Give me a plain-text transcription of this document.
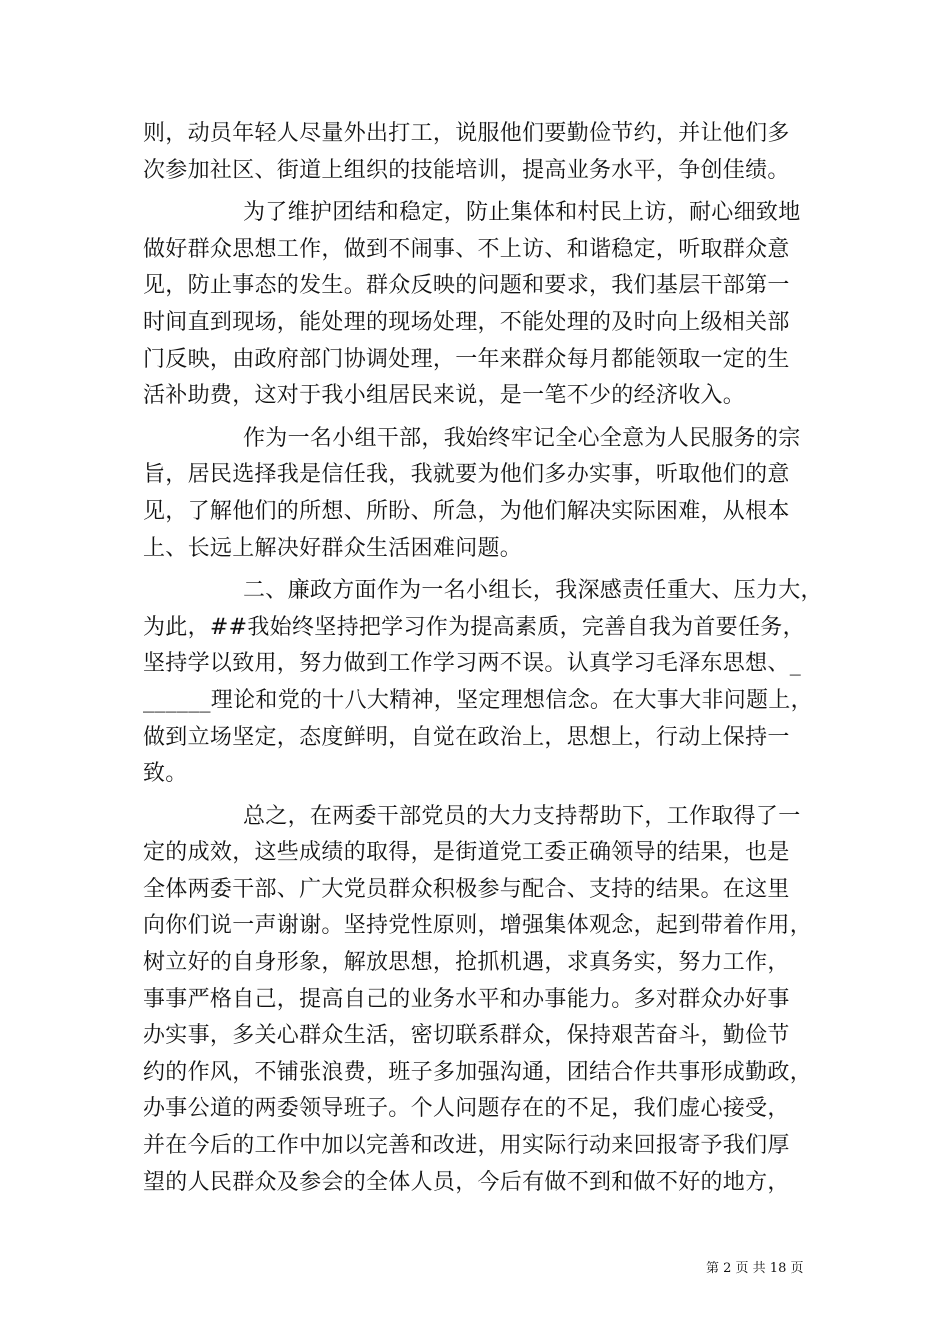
则，动员年轻人尽量外出打工，说服他们要勤俭节约，并让他们多
次参加社区、街道上组织的技能培训，提高业务水平，争创佳绩。
为了维护团结和稳定，防止集体和村民上访，耐心细致地
做好群众思想工作，做到不闹事、不上访、和谐稳定，听取群众意
见，防止事态的发生。群众反映的问题和要求，我们基层干部第一
时间直到现场，能处理的现场处理，不能处理的及时向上级相关部
门反映，由政府部门协调处理，一年来群众每月都能领取一定的生
活补助费，这对于我小组居民来说，是一笔不少的经济收入。
作为一名小组干部，我始终牢记全心全意为人民服务的宗
旨，居民选择我是信任我，我就要为他们多办实事，听取他们的意
见，了解他们的所想、所盼、所急，为他们解决实际困难，从根本
上、长远上解决好群众生活困难问题。
二、廉政方面作为一名小组长，我深感责任重大、压力大，
为此，##我始终坚持把学习作为提高素质，完善自我为首要任务，
坚持学以致用，努力做到工作学习两不误。认真学习毛泽东思想、_
______理论和党的十八大精神，坚定理想信念。在大事大非问题上，
做到立场坚定，态度鲜明，自觉在政治上，思想上，行动上保持一
致。
总之，在两委干部党员的大力支持帮助下，工作取得了一
定的成效，这些成绩的取得，是街道党工委正确领导的结果，也是
全体两委干部、广大党员群众积极参与配合、支持的结果。在这里
向你们说一声谢谢。坚持党性原则，增强集体观念，起到带着作用，
树立好的自身形象，解放思想，抢抓机遇，求真务实，努力工作，
事事严格自己，提高自己的业务水平和办事能力。多对群众办好事
办实事，多关心群众生活，密切联系群众，保持艰苦奋斗，勤俭节
约的作风，不铺张浪费，班子多加强沟通，团结合作共事形成勤政，
办事公道的两委领导班子。个人问题存在的不足，我们虚心接受，
并在今后的工作中加以完善和改进，用实际行动来回报寄予我们厚
望的人民群众及参会的全体人员，今后有做不到和做不好的地方，
第 2 页 共 18 页
